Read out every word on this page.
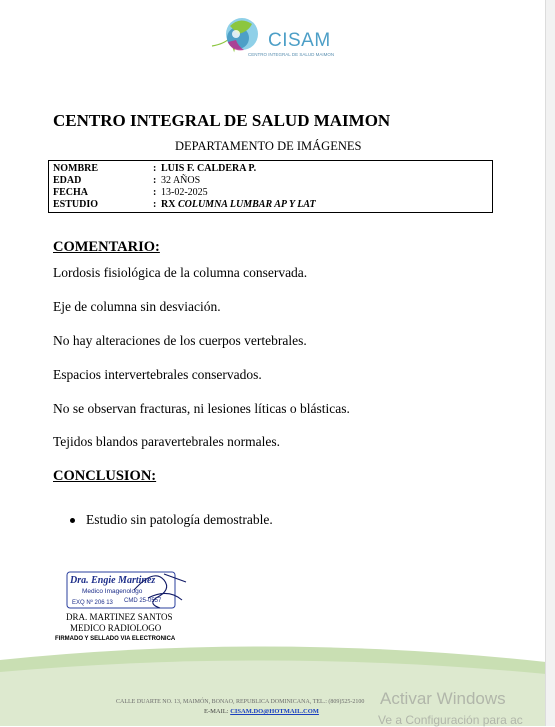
CISAM
CENTRO INTEGRAL DE SALUD MAIMON
CENTRO INTEGRAL DE SALUD MAIMON
DEPARTAMENTO DE IMÁGENES
NOMBRE	: LUIS F. CALDERA P.
EDAD	: 32 AÑOS
FECHA	: 13-02-2025
ESTUDIO	: RX COLUMNA LUMBAR AP Y LAT
COMENTARIO:
Lordosis fisiológica de la columna conservada.
Eje de columna sin desviación.
No hay alteraciones de los cuerpos vertebrales.
Espacios intervertebrales conservados.
No se observan fracturas, ni lesiones líticas o blásticas.
Tejidos blandos paravertebrales normales.
CONCLUSION:
Estudio sin patología demostrable.
Dra. Engie Martinez
Medico Imagenologo
EXQ Nº 206 13 CMD 25-0557
DRA. MARTINEZ SANTOS
MEDICO RADIOLOGO
FIRMADO Y SELLADO VIA ELECTRONICA
CALLE DUARTE NO. 13, MAIMÓN, BONAO, REPUBLICA DOMINICANA, TEL.: (809)525-2100
E-MAIL: CISAM.DO@HOTMAIL.COM
Activar Windows
Ve a Configuración para ac
